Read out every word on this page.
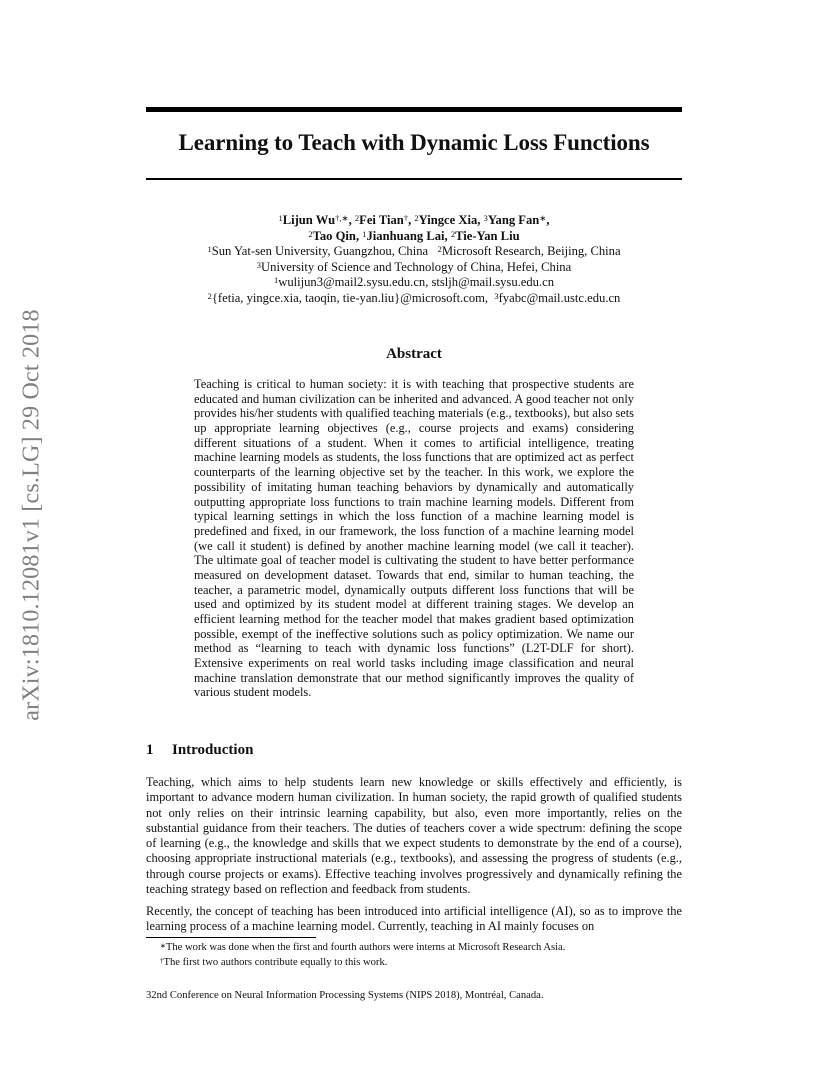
arXiv:1810.12081v1 [cs.LG] 29 Oct 2018
Learning to Teach with Dynamic Loss Functions
$^1$Lijun Wu†,∗, $^2$Fei Tian†, $^2$Yingce Xia, $^3$Yang Fan∗,
$^2$Tao Qin, $^1$Jianhuang Lai, $^2$Tie-Yan Liu
$^1$Sun Yat-sen University, Guangzhou, China $^2$Microsoft Research, Beijing, China
$^3$University of Science and Technology of China, Hefei, China
$^1$wulijun3@mail2.sysu.edu.cn, stsljh@mail.sysu.edu.cn
$^2${fetia, yingce.xia, taoqin, tie-yan.liu}@microsoft.com, $^3$fyabc@mail.ustc.edu.cn
Abstract
Teaching is critical to human society: it is with teaching that prospective students are educated and human civilization can be inherited and advanced. A good teacher not only provides his/her students with qualified teaching materials (e.g., textbooks), but also sets up appropriate learning objectives (e.g., course projects and exams) considering different situations of a student. When it comes to artificial intelligence, treating machine learning models as students, the loss functions that are optimized act as perfect counterparts of the learning objective set by the teacher. In this work, we explore the possibility of imitating human teaching behaviors by dynamically and automatically outputting appropriate loss functions to train machine learning models. Different from typical learning settings in which the loss function of a machine learning model is predefined and fixed, in our framework, the loss function of a machine learning model (we call it student) is defined by another machine learning model (we call it teacher). The ultimate goal of teacher model is cultivating the student to have better performance measured on development dataset. Towards that end, similar to human teaching, the teacher, a parametric model, dynamically outputs different loss functions that will be used and optimized by its student model at different training stages. We develop an efficient learning method for the teacher model that makes gradient based optimization possible, exempt of the ineffective solutions such as policy optimization. We name our method as “learning to teach with dynamic loss functions” (L2T-DLF for short). Extensive experiments on real world tasks including image classification and neural machine translation demonstrate that our method significantly improves the quality of various student models.
1 Introduction
Teaching, which aims to help students learn new knowledge or skills effectively and efficiently, is important to advance modern human civilization. In human society, the rapid growth of qualified students not only relies on their intrinsic learning capability, but also, even more importantly, relies on the substantial guidance from their teachers. The duties of teachers cover a wide spectrum: defining the scope of learning (e.g., the knowledge and skills that we expect students to demonstrate by the end of a course), choosing appropriate instructional materials (e.g., textbooks), and assessing the progress of students (e.g., through course projects or exams). Effective teaching involves progressively and dynamically refining the teaching strategy based on reflection and feedback from students.
Recently, the concept of teaching has been introduced into artificial intelligence (AI), so as to improve the learning process of a machine learning model. Currently, teaching in AI mainly focuses on
∗The work was done when the first and fourth authors were interns at Microsoft Research Asia.
†The first two authors contribute equally to this work.
32nd Conference on Neural Information Processing Systems (NIPS 2018), Montréal, Canada.
